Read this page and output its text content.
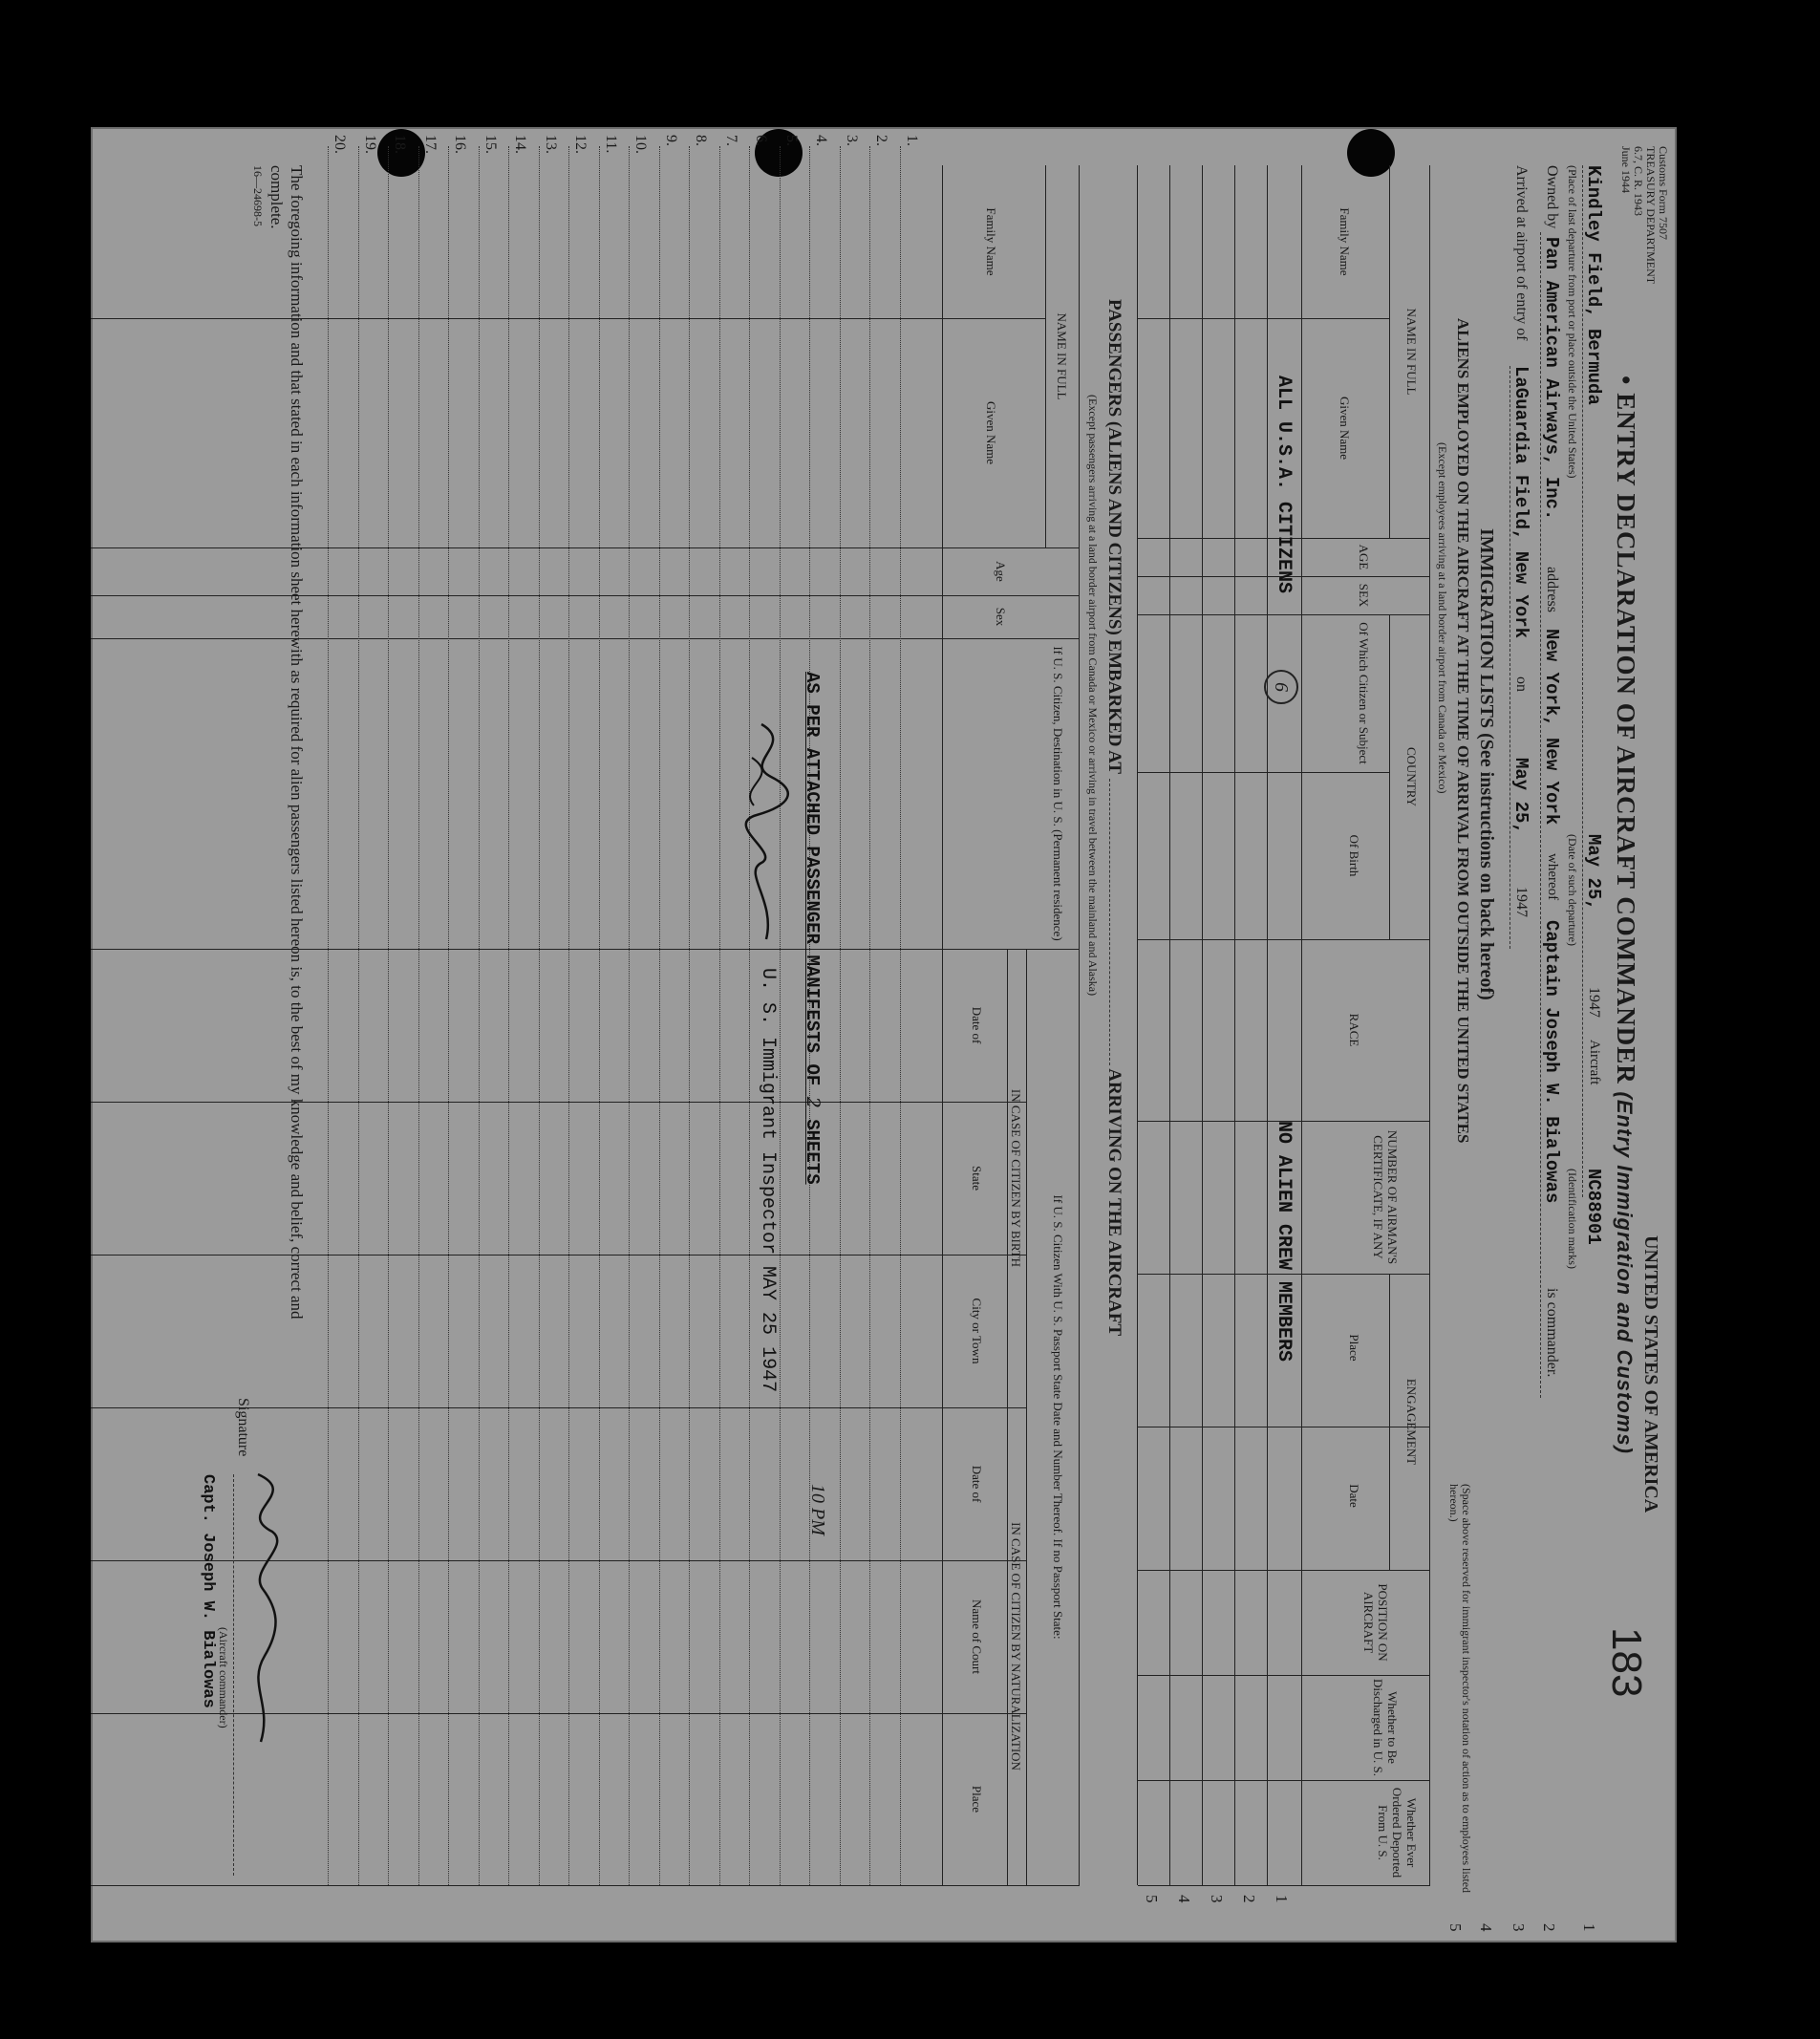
Customs Form 7507
TREASURY DEPARTMENT
6.7, C. R. 1943
June 1944
UNITED STATES OF AMERICA
• ENTRY DECLARATION OF AIRCRAFT COMMANDER (Entry Immigration and Customs)
183
Kindley Field, Bermuda
May 25,
1947
Aircraft
NC88901
(Place of last departure from port or place outside the United States)
(Date of such departure)
(Identification marks)
1
Owned by
Pan American Airways, Inc.
address
New York, New York
whereof
Captain Joseph W. Bialowas
is commander.
2
Arrived at airport of entry of
LaGuardia Field, New York
on
May 25,
1947
3
4
IMMIGRATION LISTS (See instructions on back hereof)
ALIENS EMPLOYED ON THE AIRCRAFT AT THE TIME OF ARRIVAL FROM OUTSIDE THE UNITED STATES
(Except employees arriving at a land border airport from Canada or Mexico)
(Space above reserved for immigrant inspector's notation of action as to employees listed hereon.)
5
NAME IN FULL
Family Name
Given Name
AGE
SEX
COUNTRY
Of Which Citizen or Subject
Of Birth
RACE
NUMBER OF AIRMAN'S CERTIFICATE, IF ANY
ENGAGEMENT
Place
Date
POSITION ON AIRCRAFT
Whether to Be Discharged in U. S.
Whether Ever Ordered Deported From U. S.
ALL U.S.A. CITIZENS
6
NO ALIEN CREW MEMBERS
1
2
3
4
5
PASSENGERS (ALIENS AND CITIZENS) EMBARKED AT  ARRIVING ON THE AIRCRAFT
(Except passengers arriving at a land border airport from Canada or Mexico or arriving in travel between the mainland and Alaska)
NAME IN FULL
Family Name
Given Name
Age
Sex
If U. S. Citizen, Destination in U. S. (Permanent residence)
If U. S. Citizen With U. S. Passport State Date and Number Thereof. If no Passport State:
IN CASE OF CITIZEN BY BIRTH
IN CASE OF CITIZEN BY NATURALIZATION
Date of
State
City or Town
Date of
Name of Court
Place
1.
2.
3.
4.
5.
6.
7.
8.
9.
10.
11.
12.
13.
14.
15.
16.
17.
18.
19.
20.
AS PER ATTACHED PASSENGER MANIFESTS OF 2 SHEETS
10 PM
U. S. Immigrant Inspector MAY 25 1947
The foregoing information and that stated in each information sheet herewith as required for alien passengers listed hereon is, to the best of my knowledge and belief, correct and
complete.
16—24698-5
Signature
(Aircraft commander)
Capt. Joseph W. Bialowas
